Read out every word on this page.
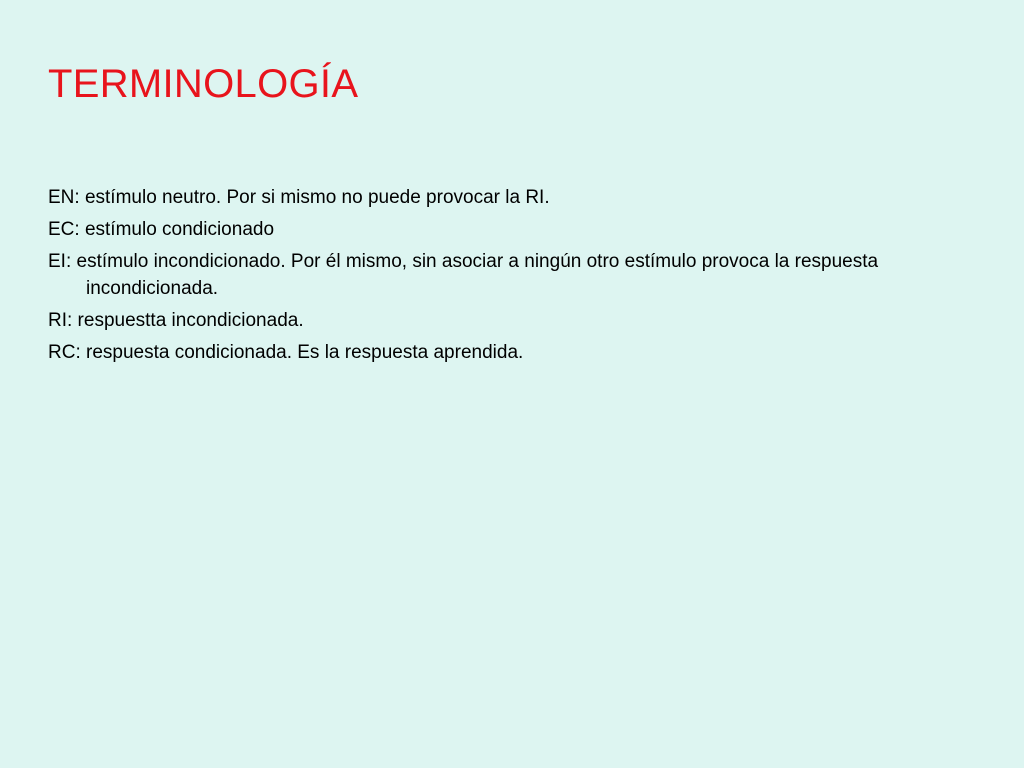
TERMINOLOGÍA
EN: estímulo neutro. Por si mismo no puede provocar la RI.
EC: estímulo condicionado
EI: estímulo incondicionado. Por él mismo, sin asociar a ningún otro estímulo provoca la respuesta incondicionada.
RI: respuestta incondicionada.
RC: respuesta condicionada. Es la respuesta aprendida.
